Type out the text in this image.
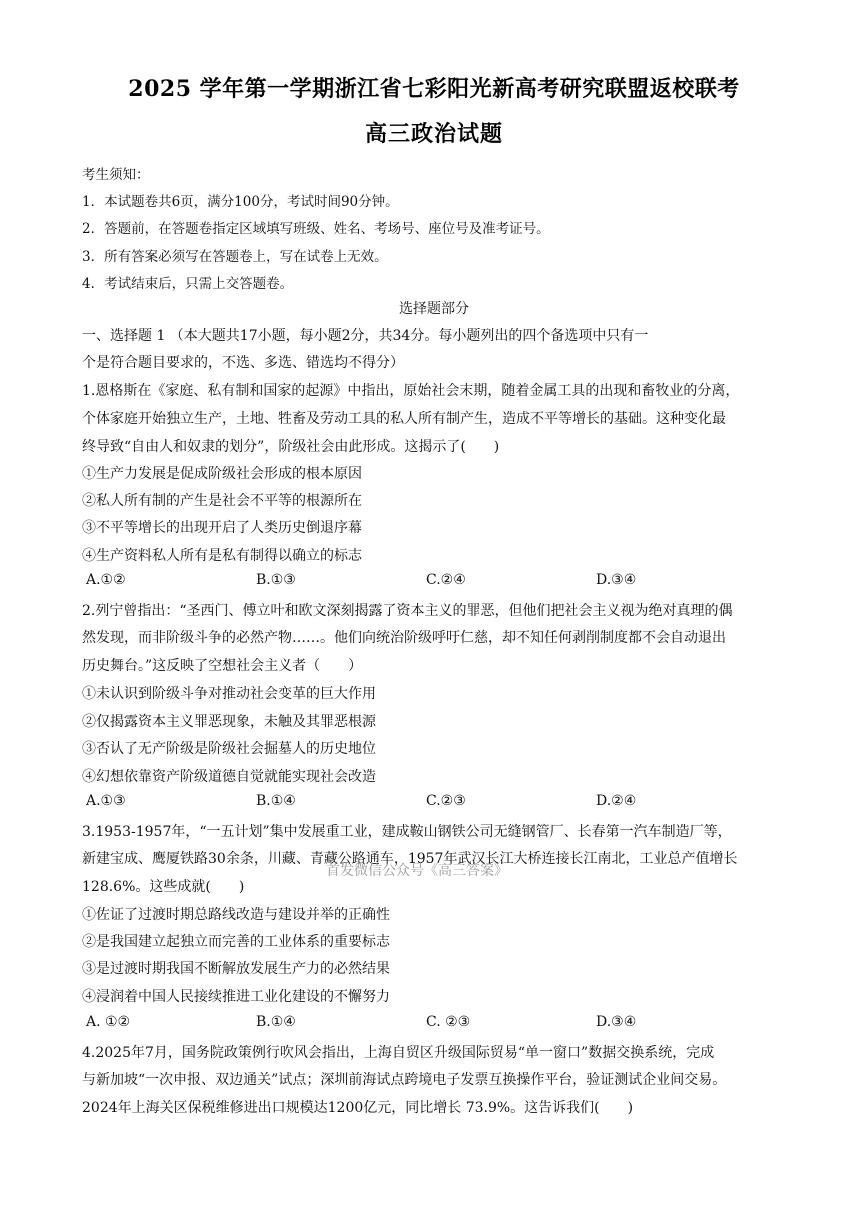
2025 学年第一学期浙江省七彩阳光新高考研究联盟返校联考
高三政治试题
考生须知：
1．本试题卷共6页，满分100分，考试时间90分钟。
2．答题前，在答题卷指定区域填写班级、姓名、考场号、座位号及准考证号。
3．所有答案必须写在答题卷上，写在试卷上无效。
4．考试结束后，只需上交答题卷。
选择题部分
一、选择题 1 （本大题共17小题，每小题2分，共34分。每小题列出的四个备选项中只有一
个是符合题目要求的，不选、多选、错选均不得分）
1.恩格斯在《家庭、私有制和国家的起源》中指出，原始社会末期，随着金属工具的出现和畜牧业的分离，
个体家庭开始独立生产，土地、牲畜及劳动工具的私人所有制产生，造成不平等增长的基础。这种变化最
终导致“自由人和奴隶的划分”，阶级社会由此形成。这揭示了(　　)
①生产力发展是促成阶级社会形成的根本原因
②私人所有制的产生是社会不平等的根源所在
③不平等增长的出现开启了人类历史倒退序幕
④生产资料私人所有是私有制得以确立的标志
A.①②	B.①③	C.②④	D.③④
2.列宁曾指出：“圣西门、傅立叶和欧文深刻揭露了资本主义的罪恶，但他们把社会主义视为绝对真理的偶
然发现，而非阶级斗争的必然产物……。他们向统治阶级呼吁仁慈，却不知任何剥削制度都不会自动退出
历史舞台。”这反映了空想社会主义者（　　）
①未认识到阶级斗争对推动社会变革的巨大作用
②仅揭露资本主义罪恶现象，未触及其罪恶根源
③否认了无产阶级是阶级社会掘墓人的历史地位
④幻想依靠资产阶级道德自觉就能实现社会改造
A.①③	B.①④	C.②③	D.②④
3.1953-1957年，“一五计划”集中发展重工业，建成鞍山钢铁公司无缝钢管厂、长春第一汽车制造厂等，
新建宝成、鹰厦铁路30余条，川藏、青藏公路通车，1957年武汉长江大桥连接长江南北，工业总产值增长
128.6%。这些成就(　　)
①佐证了过渡时期总路线改造与建设并举的正确性
②是我国建立起独立而完善的工业体系的重要标志
③是过渡时期我国不断解放发展生产力的必然结果
④浸润着中国人民接续推进工业化建设的不懈努力
A. ①②	B.①④	C. ②③	D.③④
4.2025年7月，国务院政策例行吹风会指出，上海自贸区升级国际贸易“单一窗口”数据交换系统，完成
与新加坡“一次申报、双边通关”试点；深圳前海试点跨境电子发票互换操作平台，验证测试企业间交易。
2024年上海关区保税维修进出口规模达1200亿元，同比增长 73.9%。这告诉我们(　　)
首发微信公众号《高三答案》
